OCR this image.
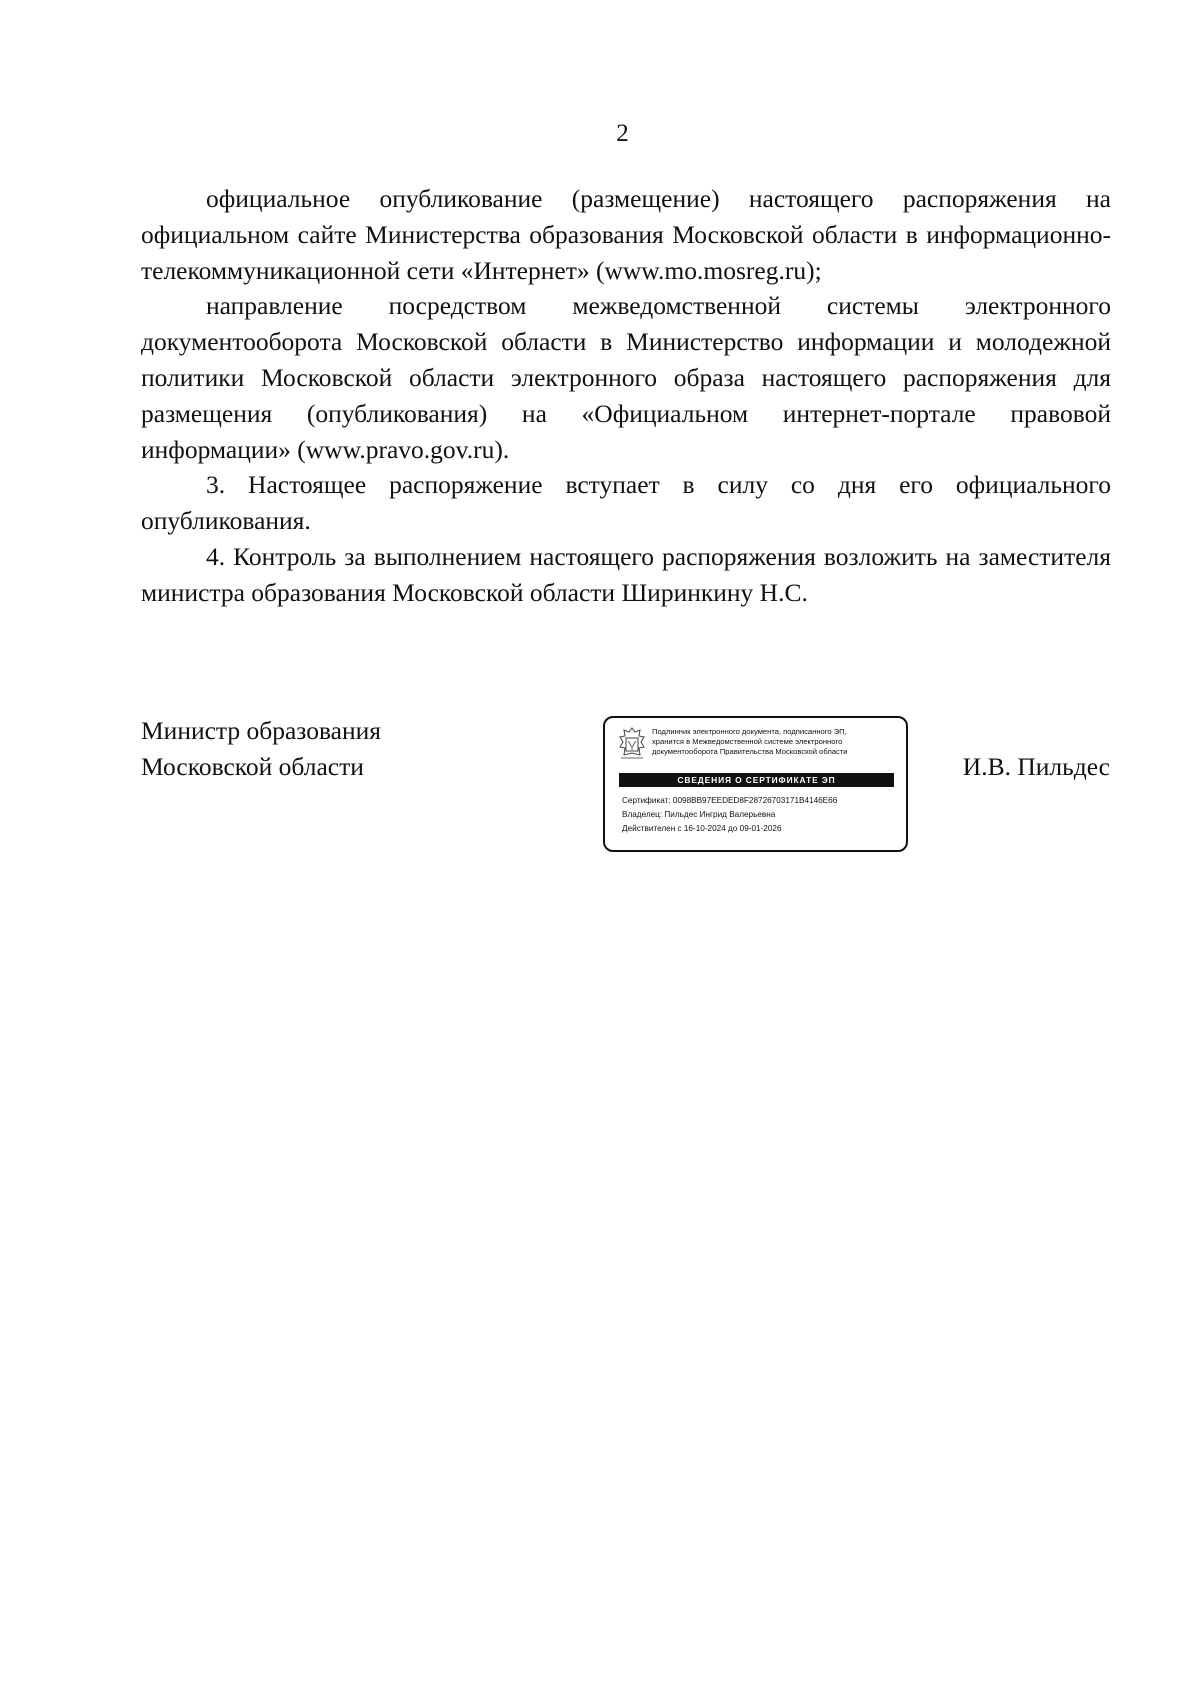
2

официальное опубликование (размещение) настоящего распоряжения на официальном сайте Министерства образования Московской области в информационно-телекоммуникационной сети «Интернет» (www.mo.mosreg.ru);

направление посредством межведомственной системы электронного документооборота Московской области в Министерство информации и молодежной политики Московской области электронного образа настоящего распоряжения для размещения (опубликования) на «Официальном интернет-портале правовой информации» (www.pravo.gov.ru).

3. Настоящее распоряжение вступает в силу со дня его официального опубликования.

4. Контроль за выполнением настоящего распоряжения возложить на заместителя министра образования Московской области Ширинкину Н.С.

Министр образования
Московской области
Подлинник электронного документа, подписанного ЭП,
хранится в Межведомственной системе электронного
документооборота Правительства Московской области
СВЕДЕНИЯ О СЕРТИФИКАТЕ ЭП
Сертификат: 0098BB97EEDED8F28726703171B4146E66
Владелец: Пильдес Ингрид Валерьевна
Действителен с 16-10-2024 до 09-01-2026
И.В. Пильдес
